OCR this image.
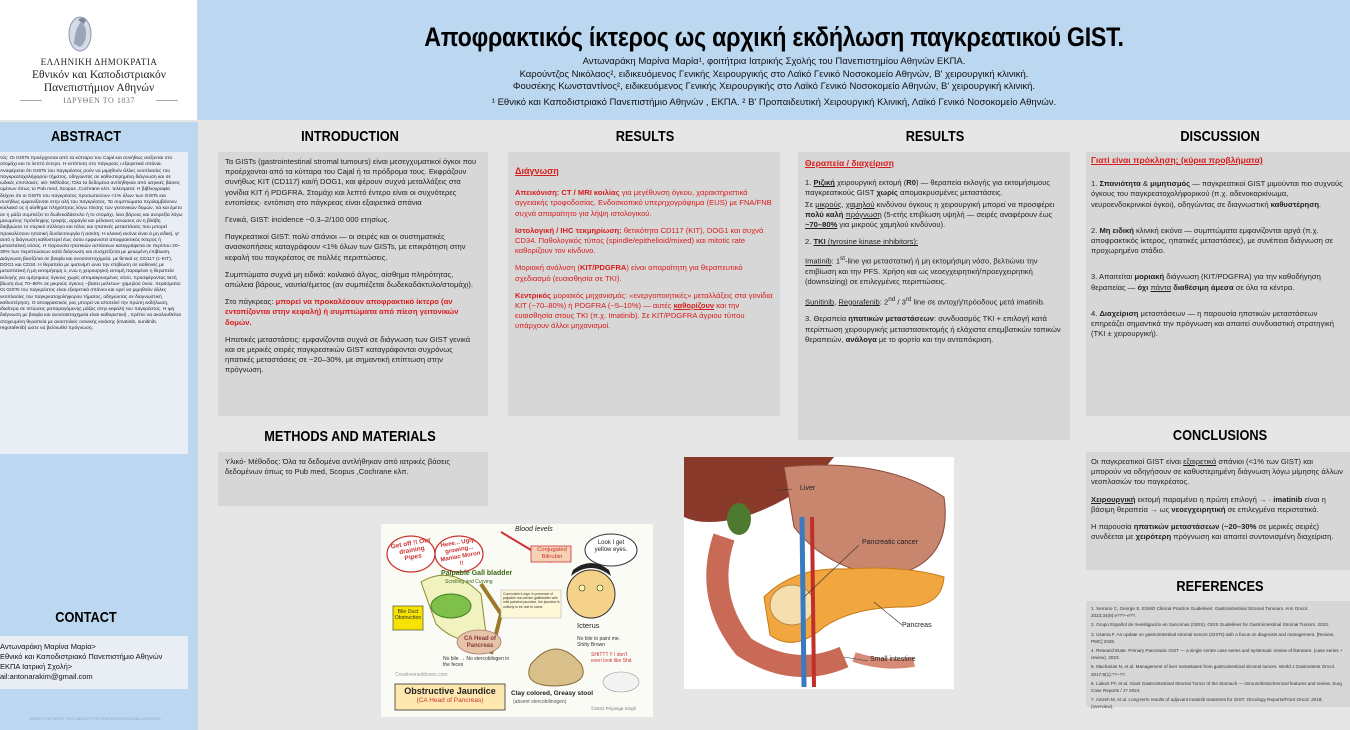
ΕΛΛΗΝΙΚΗ ΔΗΜΟΚΡΑΤΙΑ
Εθνικόν και Καποδιστριακόν
Πανεπιστήμιον Αθηνών
ΙΔΡΥΘΕΝ ΤΟ 1837
Αποφρακτικός ίκτερος ως αρχική εκδήλωση παγκρεατικού GIST.
Αντωναράκη Μαρίνα Μαρία¹, φοιτήτρια Ιατρικής Σχολής του Πανεπιστημίου Αθηνών ΕΚΠΑ.
Καρούντζος Νικόλαος², ειδικευόμενος Γενικής Χειρουργικής στο Λαϊκό Γενικό Νοσοκομείο Αθηνών, Β' χειρουργική κλινική.
Φουσέκης Κωνσταντίνος², ειδικευόμενος Γενικής Χειρουργικής στο Λαϊκό Γενικό Νοσοκομείο Αθηνών, Β' χειρουργική κλινική.
¹ Εθνικό και Καποδιστριακό Πανεπιστήμιο Αθηνών , ΕΚΠΑ. ² Β' Προπαιδευτική Χειρουργική Κλινική, Λαϊκό Γενικό Νοσοκομείο Αθηνών.
ABSTRACT
τός: Οι GISTs προέρχονται από τα κύτταρα του Cajal και συνήθως ανίζονται στο στομάχι και το λεπτό έντερο. Η εντόπιση στο πάγκρεας ι εξαιρετικά σπάνια. Αναφέρεται ότι GISTs του παγκρέατος ρούν να μιμηθούν άλλες νεοπλασίες του παγκρεατοχολήφορου τήματος, οδηγώντας σε καθυστερημένη διάγνωση και σε ωδικές επιπλοκές. ικό- Μέθοδος: Όλα τα δεδομένα αντλήθηκαν από ιατρικές βάσεις ομένων όπως το Pub med, Scopus ,Cochrane κλπ. τελέσματα: Η βιβλιογραφία δείχνει ότι οι GISTs του παγκρέατος προσωπεύουν <1% όλων των GISTs και συνήθως εμφανίζονται στην αλή του παγκρέατος. Τα συμπτώματα περιλαμβάνουν κοιλιακό ος ή αίσθημα πληρότητας λόγω πίεσης των γειτονικών δομών, τιά και έμετο αν η μάζα συμπιέζει το δωδεκαδάκτυλο ή το στομάχι, λεια βάρους και ανορεξία λόγω μειωμένης πρόσληψης τροφής, αρραγία και μέλαινες κενώσεις αν η βλάβη διαβρώσει το ντερικό σύλλογο και τέλος και ηπατικές μεταστάσεις που μπορεί προκαλέσουν ηπατική δυσλειτουργία ή ασκίτη. Η κλινική εικόνα είναι ά μη ειδική, γι' αυτό η διάγνωση καθυστερεί έως όσου εμφανιστεί αποφρακτικός ίκτερος ή μεταστατική νόσος. Η παρουσία ηπατικών αστάσεων καταγράφεται σε περίπου 20–30% των περιπτώσεων κατά διάγνωση και συσχετίζεται με μειωμένη επιβίωση. Διάγνωση βασίζεται σε βιοψία και ανοσοϊστοχημεία, με θετικά ες CD117 (c-KIT), DOG1 και CD34. Η θεραπεία με ιματινίμπ ώνει την επιβίωση σε ασθενείς με μεταστατική ή μη εκτομήσιμη ο, ενώ η χειρουργική εκτομή παραμένει η θεραπεία εκλογής για ομήσιμους όγκους χωρίς απομακρυσμένες νόσο, προσφέροντας 5ετή βίωση έως 70–80% σε μικρούς όγκους –βασει μελετων- χαμηλού ύνου. περάσματα: Οι GISTs του παγκρέατος είναι εξαιρετικά σπάνιοι και ορεί να μιμηθούν άλλες νεοπλασίες του παγκρεατοχολήφορου τήματος, οδηγώντας σε διαγνωστική καθυστέρηση. Ο αποφρακτικός ρος μπορεί να αποτελεί την πρώτη εκδήλωση, ιδιαίτερα σε ιπτώσεις μαπαραγόμενης μάζας στην κεφαλή του παγκρέατος. Η ιμη διάγνωση με βιοψία και ανοσοϊστοχημεία είναι καθοριστική , πρέπει να ακολουθείται στοχευμένη θεραπεία με αναστολείς οσινικής κινάσης (imatinib, sunitinib, regorafenib) ώστε να βελτιωθεί πρόγνωση.
CONTACT
Αντωναράκη Μαρίνα Μαρία>
Εθνικό και Καποδιστριακό Πανεπιστήμιο Αθηνών
ΕΚΠΑ Ιατρική Σχολή>
ail:antonarakim@gmail.com
SOME FOOTNOTE TEXT ABOUT THE PRESENTATION AND AUTHORS
INTRODUCTION

Τα GISTs (gastrointestinal stromal tumours) είναι μεσεγχυματικοί όγκοι που προέρχονται από τα κύτταρα του Cajal ή τα πρόδρομα τους. Εκφράζουν συνήθως KIT (CD117) και/ή DOG1, και φέρουν συχνά μεταλλάξεις στα γονίδια KIT ή PDGFRA. Στομάχι και λεπτό έντερο είναι οι συχνότερες εντοπίσεις· εντόπιση στο πάγκρεας είναι εξαιρετικά σπάνια

Γενικά, GIST: incidence ~0.3–2/100 000 ετησίως.

Παγκρεατικοί GIST: πολύ σπάνιοι — οι σειρές και οι συστηματικές ανασκοπήσεις καταγράφουν <1% όλων των GISTs, με επικράτηση στην κεφαλή του παγκρέατος σε πολλές περιπτώσεις.

Συμπτώματα συχνά μη ειδικά: κοιλιακό άλγος, αίσθημα πληρότητας, απώλεια βάρους, ναυτία/έμετος (αν συμπιέζεται δωδεκαδάκτυλο/στομάχι).

Στο πάγκρεας: μπορεί να προκαλέσουν αποφρακτικό ίκτερο (αν εντοπίζονται στην κεφαλή) ή συμπτώματα από πίεση γειτονικών δομών.

Ηπατικές μεταστάσεις: εμφανίζονται συχνά σε διάγνωση των GIST γενικά και σε μερικές σειρές παγκρεατικών GIST καταγράφονται συχρόνως ηπατικές μεταστάσεις σε ~20–30%, με σημαντική επίπτωση στην πρόγνωση.

METHODS AND MATERIALS

Υλικό- Μέθοδος: Όλα τα δεδομένα αντλήθηκαν από ιατρικές βάσεις δεδομένων όπως το Pub med, Scopus ,Cochrane κλπ.

RESULTS

Διάγνωση

Απεικόνιση: CT / MRI κοιλίας για μεγέθυνση όγκου, χαρακτηριστικά αγγειακής τροφοδοσίας. Ενδοσκοπικό υπερηχογράφημα (EUS) με FNA/FNB συχνά απαραίτητο για λήψη ιστολογικού.

Ιστολογική / IHC τεκμηρίωση: θετικότητα CD117 (KIT), DOG1 και συχνά CD34. Παθολογικός τύπος (spindle/epithelioid/mixed) και mitotic rate καθορίζουν τον κίνδυνο.

Μοριακή ανάλυση (KIT/PDGFRA) είναι απαραίτητη για θεραπευτικό σχεδιασμό (ευαισθησία σε TKI).

Κεντρικός μοριακός μηχανισμός: «ενεργοποιητικές» μεταλλάξεις στα γονίδια KIT (~70–80%) ή PDGFRA (~5–10%) — αυτές καθορίζουν και την ευαισθησία στους TKI (π.χ. Imatinib). Σε KIT/PDGFRA άγριου τύπου υπάρχουν άλλοι μηχανισμοί.

RESULTS

Θεραπεία / διαχείριση

1. Ριζική χειρουργική εκτομή (R0) — θεραπεία εκλογής για εκτομήσιμους παγκρεατικούς GIST χωρίς απομακρυσμένες μεταστάσεις.

Σε μικρούς, χαμηλού κινδύνου όγκους η χειρουργική μπορεί να προσφέρει πολύ καλή πρόγνωση (5-ετής επιβίωση υψηλή — σειρές αναφέρουν έως ~70–80% για μικρούς χαμηλού κινδύνου).

2. TKI (tyrosine kinase inhibitors):

Imatinib: 1st-line για μεταστατική ή μη εκτομήσιμη νόσο, βελτιώνει την επιβίωση και την PFS. Χρήση και ως νεοεγχειρητική/προεγχειρητική (downsizing) σε επιλεγμένες περιπτώσεις.

Sunitinib, Regorafenib: 2nd / 3rd line σε αντοχή/πρόοδους μετά imatinib.

3. Θεραπεία ηπατικών μεταστάσεων: συνδυασμός TKI + επιλογή κατά περίπτωση χειρουργικής μεταστασεκτομής ή ελάχιστα επεμβατικών τοπικών θεραπειών, ανάλογα με το φορτίο και την ανταπόκριση.

DISCUSSION

Γιατί είναι πρόκληση; (κύρια προβλήματα)

1. Σπανιότητα & μιμητισμός — παγκρεατικοί GIST μιμούνται πιο συχνούς όγκους του παγκρεατοχολήφορικού (π.χ. αδενοκαρκίνωμα, νευροενδοκρινικοί όγκοι), οδηγώντας σε διαγνωστική καθυστέρηση.

2. Μη ειδική κλινική εικόνα — συμπτώματα εμφανίζονται αργά (π.χ. αποφρακτικός ίκτερος, ηπατικές μεταστάσεις), με συνέπεια διάγνωση σε προχωρημένο στάδιο.

3. Απαιτείται μοριακή διάγνωση (KIT/PDGFRA) για την καθοδήγηση θεραπείας — όχι πάντα διαθέσιμη άμεσα σε όλα τα κέντρα.

4. Διαχείριση μεταστάσεων — η παρουσία ηπατικών μεταστάσεων επηρεάζει σημαντικά την πρόγνωση και απαιτεί συνδυαστική στρατηγική (TKI ± χειρουργική).

CONCLUSIONS

Οι παγκρεατικοί GIST είναι εξαιρετικά σπάνιοι (<1% των GIST) και μπορούν να οδηγήσουν σε καθυστερημένη διάγνωση λόγω μίμησης άλλων νεοπλασιών του παγκρέατος.

Χειρουργική εκτομή παραμένει η πρώτη επιλογή → · imatinib είναι η βάσιμη θεραπεία → ως νεοεγχειρητική σε επιλεγμένα περιστατικά.

Η παρουσία ηπατικών μεταστάσεων (~20–30% σε μερικές σειρές) συνδέεται με χειρότερη πρόγνωση και απαιτεί συντονισμένη διαχείριση.

REFERENCES

1. Serrano C, George S. ESMO Clinical Practice Guidelines: Gastrointestinal Stromal Tumours. Ann Oncol. 2023;34(8):e???–e??.

2. Grupo Español de Investigación en Sarcomas (GEIS). GEIS Guidelines for Gastrointestinal Stromal Tumors. 2023.

3. Usama F. An update on gastrointestinal stromal tumors (GISTs) with a focus on diagnosis and management. [Review, PMC] 2025.

4. ResearchGate. Primary Pancreatic GIST — a single centre case series and systematic review of literature. (case series + review). 2023.

5. Machairas N, et al. Management of liver metastases from gastrointestinal stromal tumors. World J Gastrointest Oncol. 2017;9(1):??–??.

6. Liakos FF, et al. Giant Gastrointestinal Stromal Tumor of the Stomach — immunohistochemical features and review. Surg Case Reports / J? 2024.

7. Azizeh M, et al. Long-term results of adjuvant imatinib treatment for GIST. Oncology Reports/Front Oncol. 2018; (overview).

Get off !! Our draining Pipes
Heee... Ugly, growing... Maniac Moron !!
Look I get yellow eyes.
Blood levels
Conjugated Bilirubin
Palpable Gall bladder
Scrolling and Curving
Courvoisier's sign: In presence of palpable non-tender gallbladder with mild painless jaundice, the jaundice is unlikely to be due to stone.
Bile Duct Obstruction
CA Head of Pancreas
Icterus
No bile → No stercobilogen in the feces
No bile to paint me. Shitty Brown
SHITTT !! I don't even look like Shit.
Creativemeddoses.com
Obstructive Jaundice
(CA Head of Pancreas)
Clay colored, Greasy stool
(absent stercobilinogen)
©2022 Priyanga Singh
Liver
Pancreatic cancer
Pancreas
Small intestine
